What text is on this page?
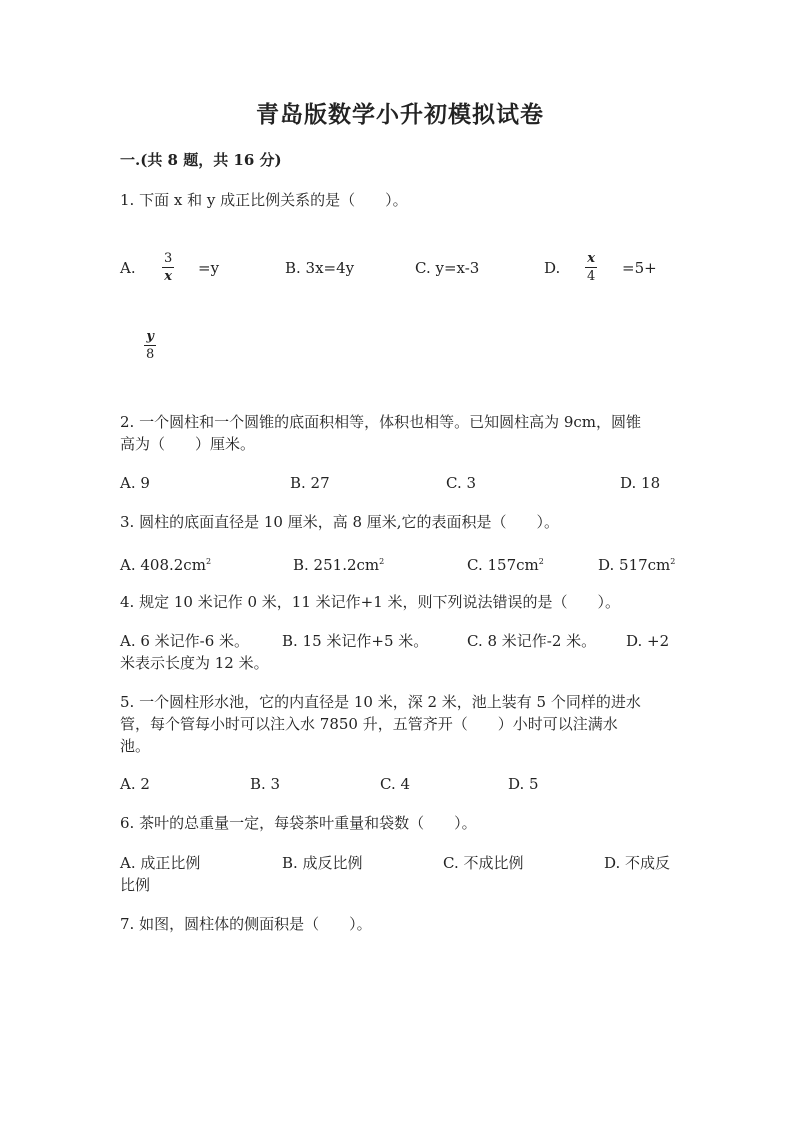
青岛版数学小升初模拟试卷
一.(共 8 题，共 16 分)
1. 下面 x 和 y 成正比例关系的是（　　）。
A. $\frac{3}{x} =y$	B. 3x=4y	C. y=x-3	D. $\frac{x}{4} =5+$
$\frac{y}{8}$
2. 一个圆柱和一个圆锥的底面积相等，体积也相等。已知圆柱高为 9cm，圆锥
高为（　　）厘米。
A. 9	B. 27	C. 3	D. 18
3. 圆柱的底面直径是 10 厘米，高 8 厘米,它的表面积是（　　）。
A. $408.2cm^2$	B. $251.2cm^2$	C. $157cm^2$	D. $517cm^2$
4. 规定 10 米记作 0 米，11 米记作+1 米，则下列说法错误的是（　　）。
A. 6 米记作-6 米。 B. 15 米记作+5 米。	C. 8 米记作-2 米。 D. +2
米表示长度为 12 米。
5. 一个圆柱形水池，它的内直径是 10 米，深 2 米，池上装有 5 个同样的进水
管，每个管每小时可以注入水 7850 升，五管齐开（　　）小时可以注满水
池。
A. 2	B. 3	C. 4	D. 5
6. 茶叶的总重量一定，每袋茶叶重量和袋数（　　）。
A. 成正比例	B. 成反比例	C. 不成比例	D. 不成反
比例
7. 如图，圆柱体的侧面积是（　　）。
